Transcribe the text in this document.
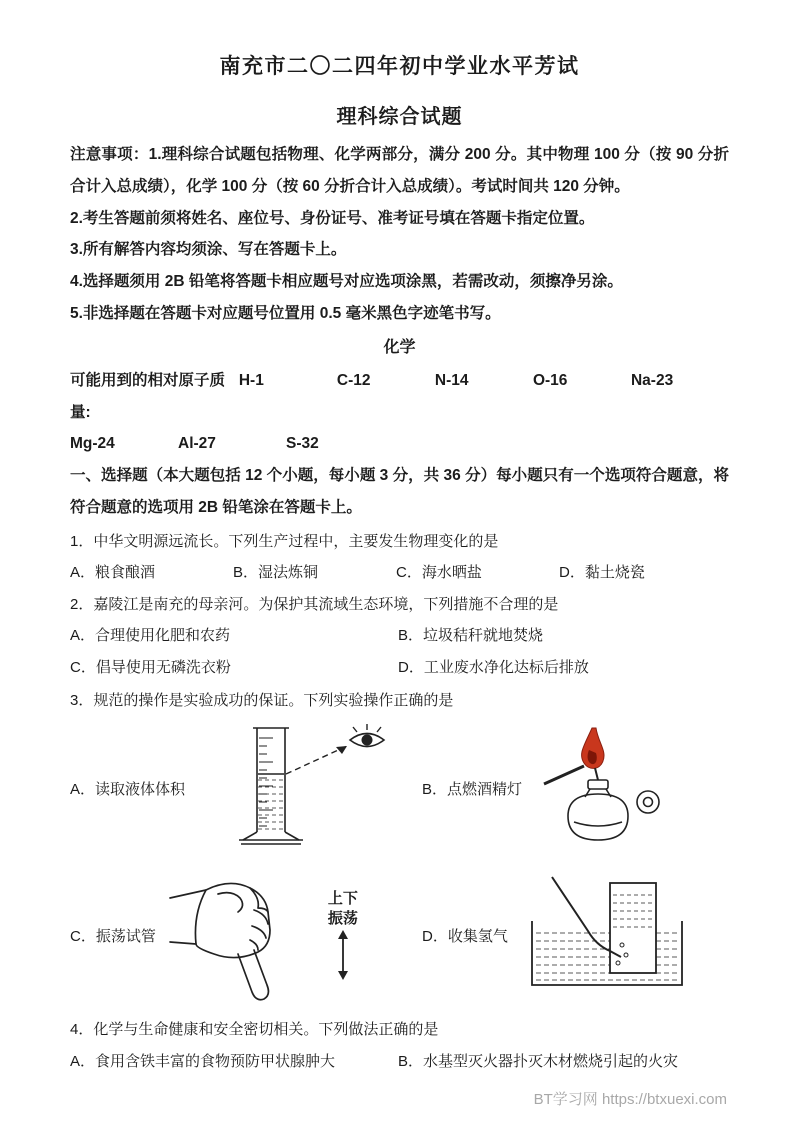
南充市二〇二四年初中学业水平芳试
理科综合试题

注意事项：1.理科综合试题包括物理、化学两部分，满分 200 分。其中物理 100 分（按 90 分折合计入总成绩），化学 100 分（按 60 分折合计入总成绩）。考试时间共 120 分钟。

2.考生答题前须将姓名、座位号、身份证号、准考证号填在答题卡指定位置。

3.所有解答内容均须涂、写在答题卡上。

4.选择题须用 2B 铅笔将答题卡相应题号对应选项涂黑，若需改动，须擦净另涂。

5.非选择题在答题卡对应题号位置用 0.5 毫米黑色字迹笔书写。

化学
可能用到的相对原子质量:
H-1	C-12	N-14	O-16	Na-23
Mg-24	Al-27	S-32

一、选择题（本大题包括 12 个小题，每小题 3 分，共 36 分）每小题只有一个选项符合题意，将符合题意的选项用 2B 铅笔涂在答题卡上。

1．中华文明源远流长。下列生产过程中，主要发生物理变化的是

A．粮食酿酒	B．湿法炼铜	C．海水晒盐	D．黏土烧瓷

2．嘉陵江是南充的母亲河。为保护其流域生态环境，下列措施不合理的是

A．合理使用化肥和农药	B．垃圾秸秆就地焚烧
C．倡导使用无磷洗衣粉	D．工业废水净化达标后排放

3．规范的操作是实验成功的保证。下列实验操作正确的是

A．读取液体体积	B．点燃酒精灯
C．振荡试管
上下
振荡
D．收集氢气

4．化学与生命健康和安全密切相关。下列做法正确的是

A．食用含铁丰富的食物预防甲状腺肿大	B．水基型灭火器扑灭木材燃烧引起的火灾
BT学习网 https://btxuexi.com
